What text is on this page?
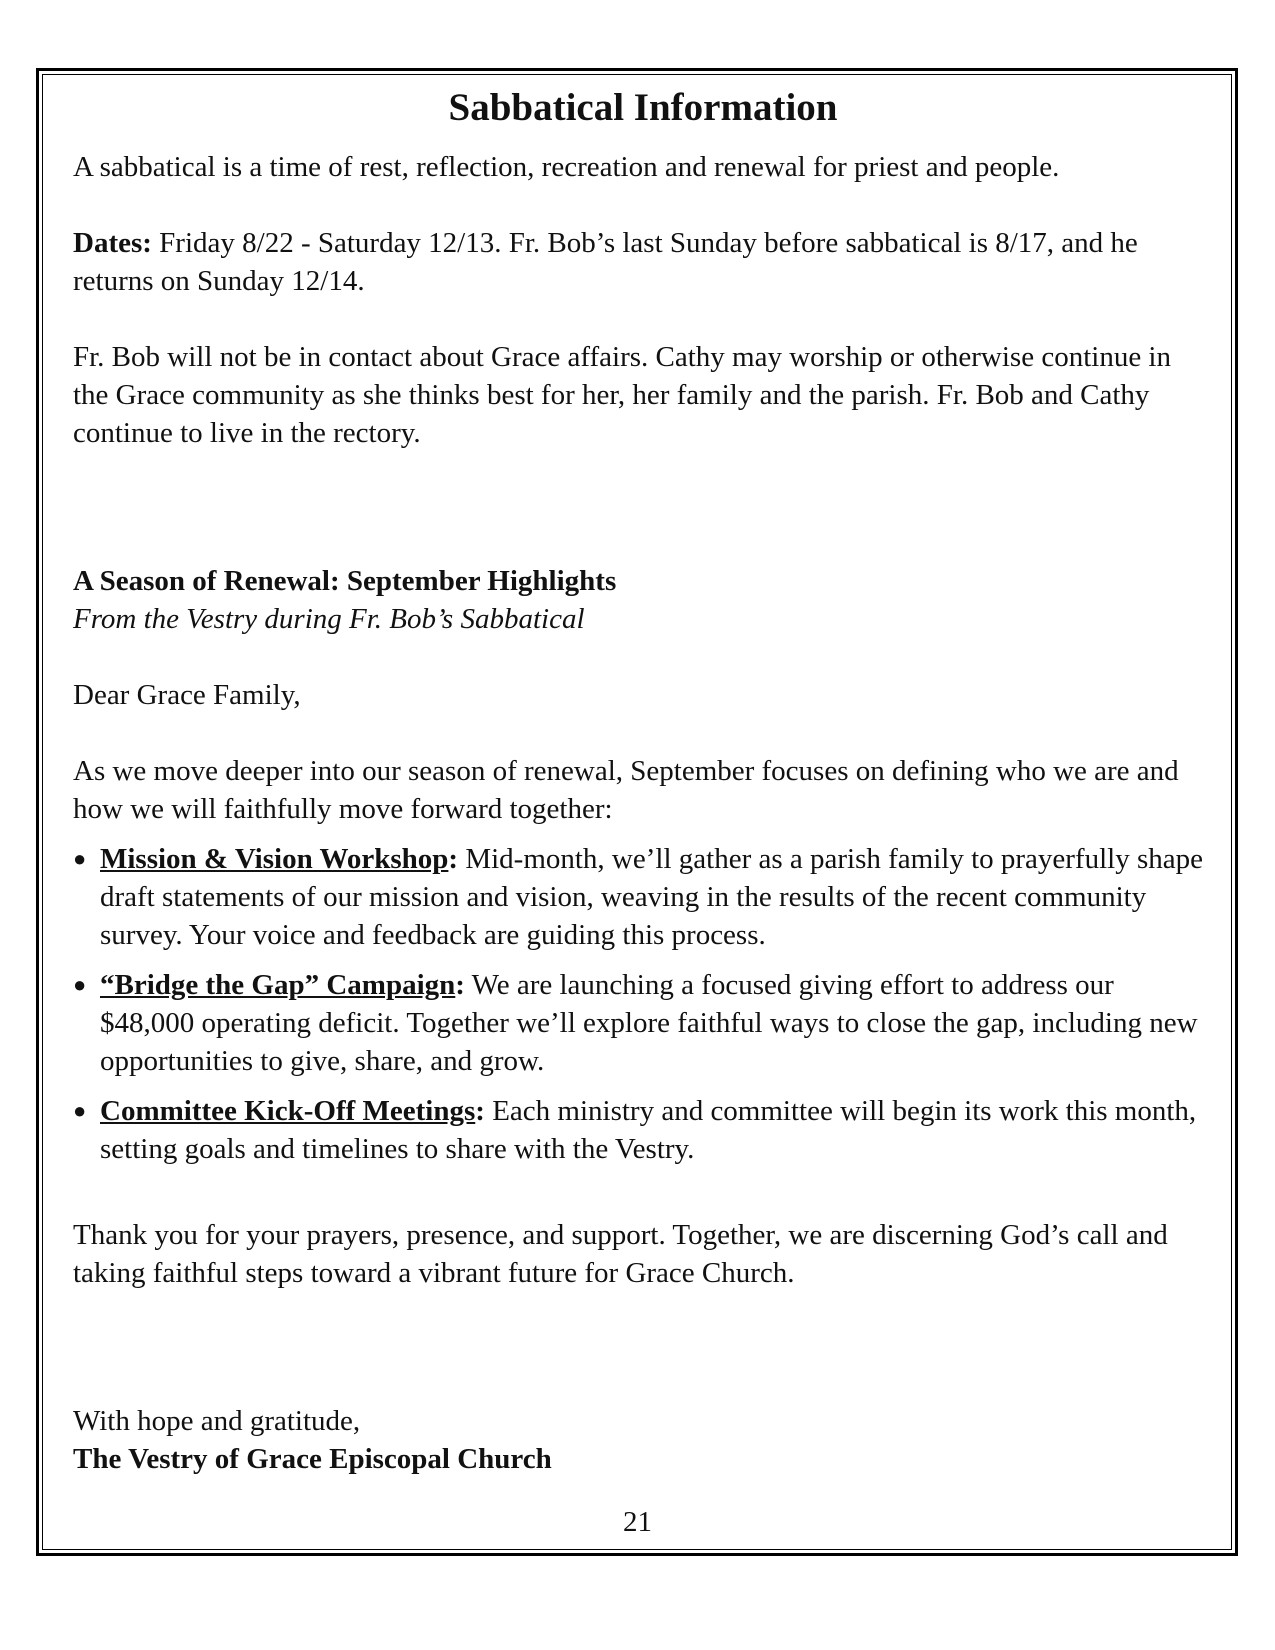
Sabbatical Information

A sabbatical is a time of rest, reflection, recreation and renewal for priest and people.

Dates: Friday 8/22 - Saturday 12/13. Fr. Bob’s last Sunday before sabbatical is 8/17, and he returns on Sunday 12/14.

Fr. Bob will not be in contact about Grace affairs. Cathy may worship or otherwise continue in the Grace community as she thinks best for her, her family and the parish. Fr. Bob and Cathy continue to live in the rectory.

A Season of Renewal: September Highlights

From the Vestry during Fr. Bob’s Sabbatical

Dear Grace Family,

As we move deeper into our season of renewal, September focuses on defining who we are and how we will faithfully move forward together:

● Mission & Vision Workshop: Mid-month, we’ll gather as a parish family to prayerfully shape draft statements of our mission and vision, weaving in the results of the recent community survey. Your voice and feedback are guiding this process.
● “Bridge the Gap” Campaign: We are launching a focused giving effort to address our $48,000 operating deficit. Together we’ll explore faithful ways to close the gap, including new opportunities to give, share, and grow.
● Committee Kick-Off Meetings: Each ministry and committee will begin its work this month, setting goals and timelines to share with the Vestry.

Thank you for your prayers, presence, and support. Together, we are discerning God’s call and taking faithful steps toward a vibrant future for Grace Church.

With hope and gratitude,

The Vestry of Grace Episcopal Church

21
